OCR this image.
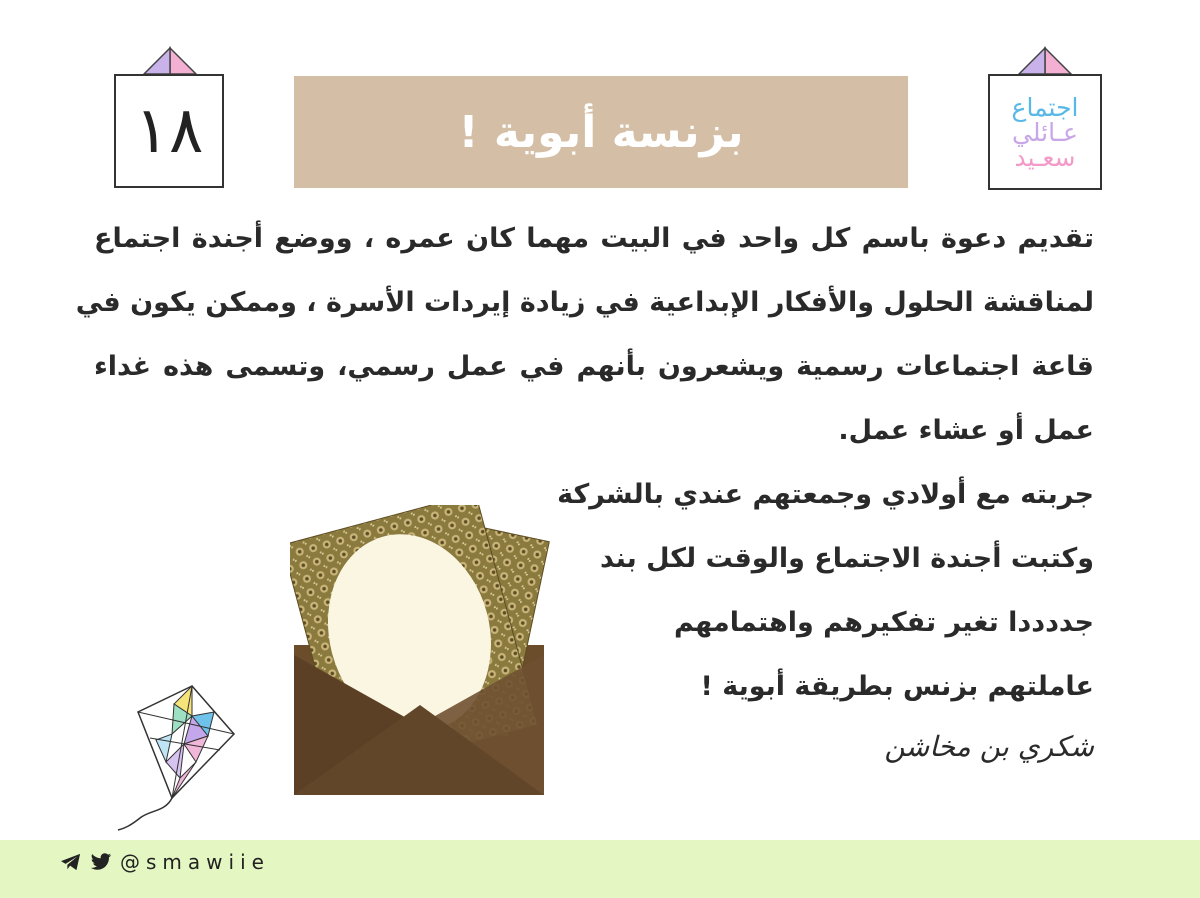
١٨	بزنسة أبوية !	اجتماع
عـائلي
سعـيد
تقديم دعوة باسم كل واحد في البيت مهما كان عمره ، ووضع أجندة اجتماع
لمناقشة الحلول والأفكار الإبداعية في زيادة إيردات الأسرة ، وممكن يكون في
قاعة اجتماعات رسمية ويشعرون بأنهم في عمل رسمي، وتسمى هذه غداء
عمل أو عشاء عمل.
جربته مع أولادي وجمعتهم عندي بالشركة
وكتبت أجندة الاجتماع والوقت لكل بند
جددددا تغير تفكيرهم واهتمامهم
عاملتهم بزنس بطريقة أبوية !
شكري بن مخاشن
@smawiie
